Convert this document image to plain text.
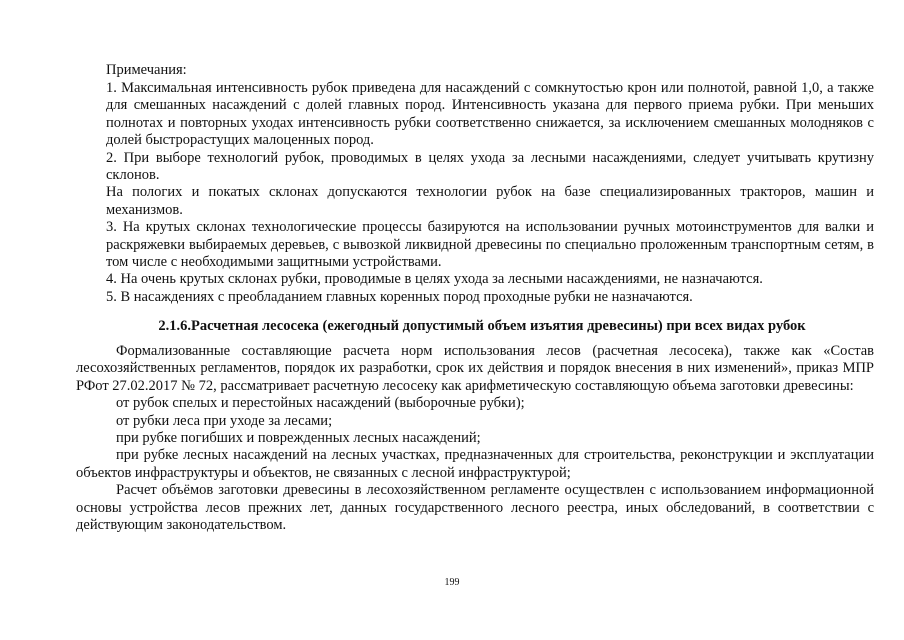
Примечания:

1. Максимальная интенсивность рубок приведена для насаждений с сомкнутостью крон или полнотой, равной 1,0, а также для смешанных насаждений с долей главных пород. Интенсивность указана для первого приема рубки. При меньших полнотах и повторных уходах интенсивность рубки соответственно снижается, за исключением смешанных молодняков с долей быстрорастущих малоценных пород.

2. При выборе технологий рубок, проводимых в целях ухода за лесными насаждениями, следует учитывать крутизну склонов.

На пологих и покатых склонах допускаются технологии рубок на базе специализированных тракторов, машин и механизмов.

3. На крутых склонах технологические процессы базируются на использовании ручных мотоинструментов для валки и раскряжевки выбираемых деревьев, с вывозкой ликвидной древесины по специально проложенным транспортным сетям, в том числе с необходимыми защитными устройствами.

4. На очень крутых склонах рубки, проводимые в целях ухода за лесными насаждениями, не назначаются.

5. В насаждениях с преобладанием главных коренных пород проходные рубки не назначаются.

2.1.6.Расчетная лесосека (ежегодный допустимый объем изъятия древесины) при всех видах рубок

Формализованные составляющие расчета норм использования лесов (расчетная лесосека), также как «Состав лесохозяйственных регламентов, порядок их разработки, срок их действия и порядок внесения в них изменений», приказ МПР РФот 27.02.2017 № 72, рассматривает расчетную лесосеку как арифметическую составляющую объема заготовки древесины:

от рубок спелых и перестойных насаждений (выборочные рубки);

от рубки леса при уходе за лесами;

при рубке погибших и поврежденных лесных насаждений;

при рубке лесных насаждений на лесных участках, предназначенных для строительства, реконструкции и эксплуатации объектов инфраструктуры и объектов, не связанных с лесной инфраструктурой;

Расчет объёмов заготовки древесины в лесохозяйственном регламенте осуществлен с использованием информационной основы устройства лесов прежних лет, данных государственного лесного реестра, иных обследований, в соответствии с действующим законодательством.

199
